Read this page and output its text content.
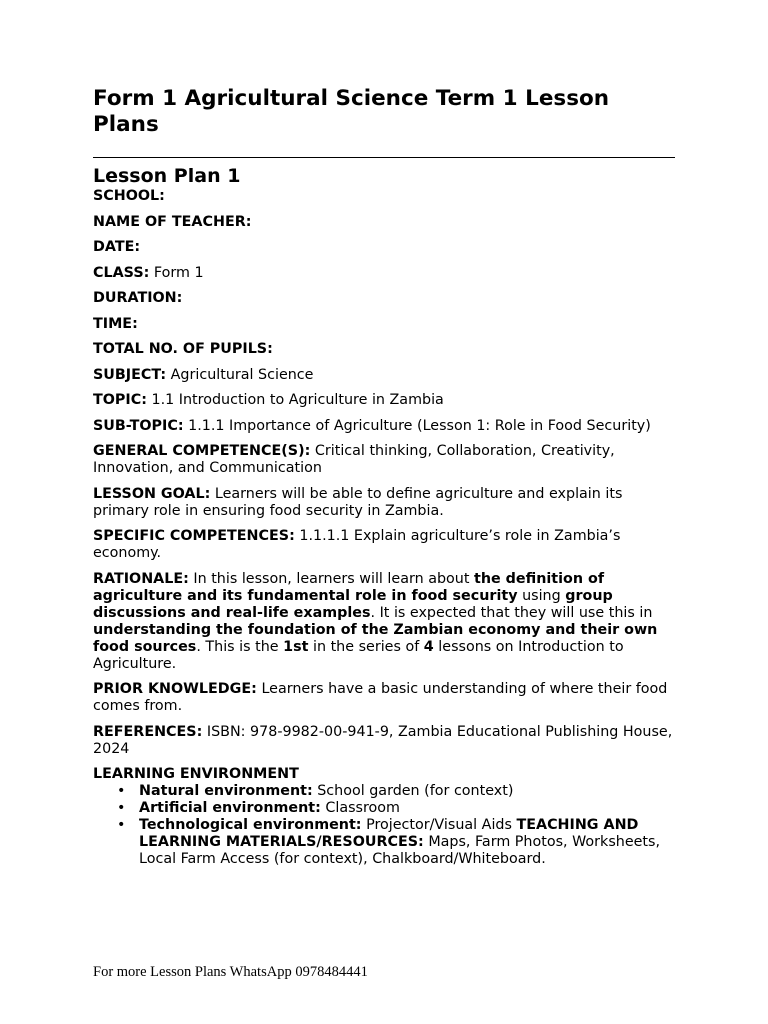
Form 1 Agricultural Science Term 1 Lesson Plans
Lesson Plan 1

SCHOOL:

NAME OF TEACHER:

DATE:

CLASS: Form 1

DURATION:

TIME:

TOTAL NO. OF PUPILS:

SUBJECT: Agricultural Science

TOPIC: 1.1 Introduction to Agriculture in Zambia

SUB-TOPIC: 1.1.1 Importance of Agriculture (Lesson 1: Role in Food Security)

GENERAL COMPETENCE(S): Critical thinking, Collaboration, Creativity, Innovation, and Communication

LESSON GOAL: Learners will be able to define agriculture and explain its primary role in ensuring food security in Zambia.

SPECIFIC COMPETENCES: 1.1.1.1 Explain agriculture’s role in Zambia’s economy.

RATIONALE: In this lesson, learners will learn about the definition of agriculture and its fundamental role in food security using group discussions and real-life examples. It is expected that they will use this in understanding the foundation of the Zambian economy and their own food sources. This is the 1st in the series of 4 lessons on Introduction to Agriculture.

PRIOR KNOWLEDGE: Learners have a basic understanding of where their food comes from.

REFERENCES: ISBN: 978-9982-00-941-9, Zambia Educational Publishing House, 2024

LEARNING ENVIRONMENT
• Natural environment: School garden (for context)
• Artificial environment: Classroom
• Technological environment: Projector/Visual Aids TEACHING AND LEARNING MATERIALS/RESOURCES: Maps, Farm Photos, Worksheets, Local Farm Access (for context), Chalkboard/Whiteboard.
For more Lesson Plans WhatsApp 0978484441
